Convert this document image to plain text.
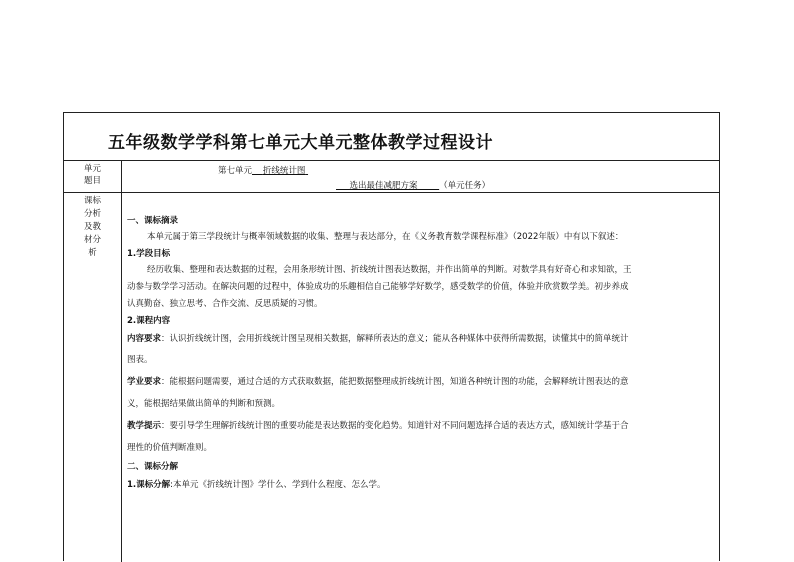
五年级数学学科第七单元大单元整体教学过程设计
单元
题目
课标
分析
及教
材分
析
第七单元 折线统计图
选出最佳减肥方案	（单元任务）

一、课标摘录

本单元属于第三学段统计与概率领域数据的收集、整理与表达部分，在《义务教育数学课程标准》（2022年版）中有以下叙述：

1.学段目标

经历收集、整理和表达数据的过程，会用条形统计图、折线统计图表达数据，并作出简单的判断。对数学具有好奇心和求知欲，王

动参与数学学习活动。在解决问题的过程中，体验成功的乐趣相信自己能够学好数学，感受数学的价值，体验并欣赏数学美。初步养成

认真勤奋、独立思考、合作交流、反思质疑的习惯。

2.课程内容

内容要求：认识折线统计图，会用折线统计图呈现相关数据，解释所表达的意义；能从各种媒体中获得所需数据，读懂其中的简单统计

图表。

学业要求：能根据问题需要，通过合适的方式获取数据，能把数据整理成折线统计图，知道各种统计图的功能，会解释统计图表达的意

义，能根据结果做出简单的判断和预测。

教学提示：要引导学生理解折线统计图的重要功能是表达数据的变化趋势。知道针对不同问题选择合适的表达方式，感知统计学基于合

理性的价值判断准则。

二、课标分解

1.课标分解:本单元《折线统计图》学什么、学到什么程度、怎么学。
